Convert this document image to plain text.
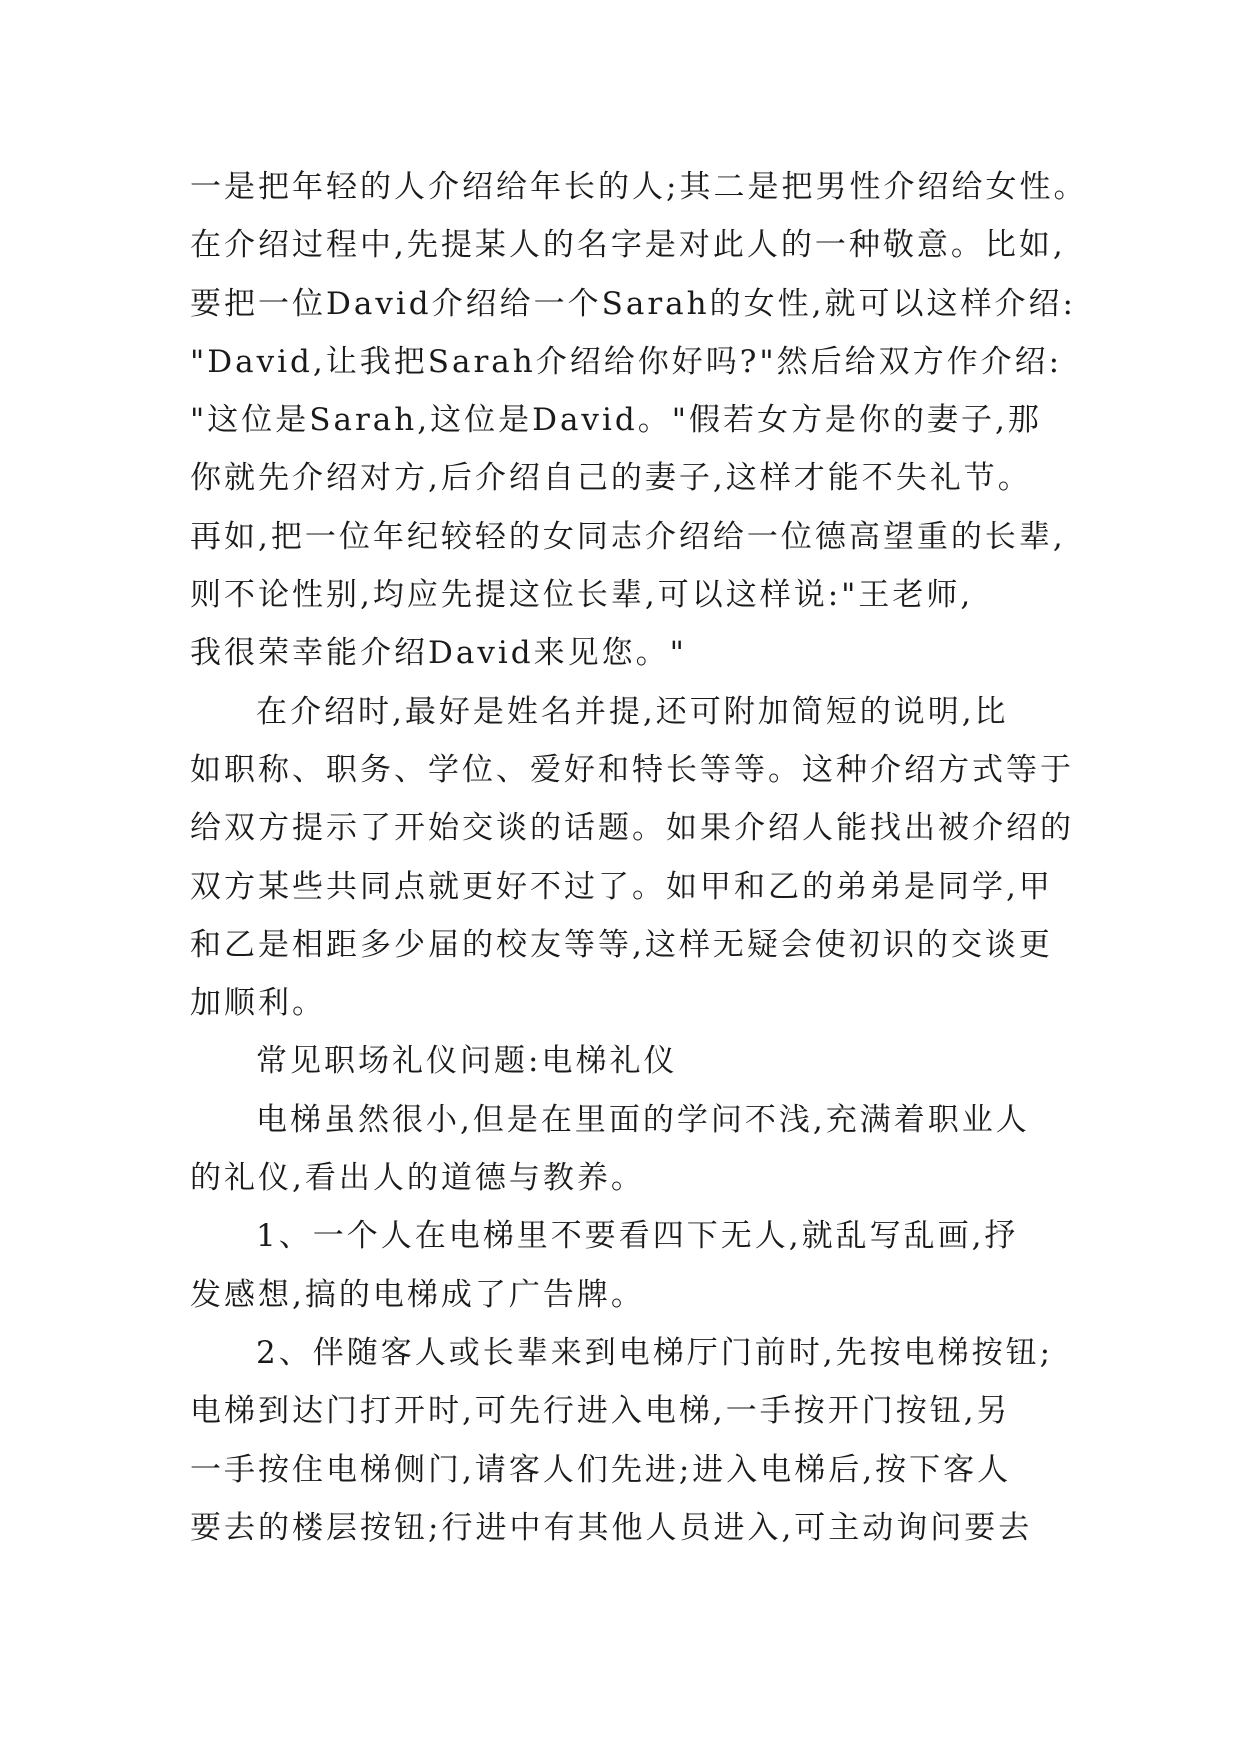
一是把年轻的人介绍给年长的人;其二是把男性介绍给女性。
在介绍过程中,先提某人的名字是对此人的一种敬意。比如,
要把一位David介绍给一个Sarah的女性,就可以这样介绍:
"David,让我把Sarah介绍给你好吗?"然后给双方作介绍:
"这位是Sarah,这位是David。"假若女方是你的妻子,那
你就先介绍对方,后介绍自己的妻子,这样才能不失礼节。
再如,把一位年纪较轻的女同志介绍给一位德高望重的长辈,
则不论性别,均应先提这位长辈,可以这样说:"王老师,
我很荣幸能介绍David来见您。"
在介绍时,最好是姓名并提,还可附加简短的说明,比
如职称、职务、学位、爱好和特长等等。这种介绍方式等于
给双方提示了开始交谈的话题。如果介绍人能找出被介绍的
双方某些共同点就更好不过了。如甲和乙的弟弟是同学,甲
和乙是相距多少届的校友等等,这样无疑会使初识的交谈更
加顺利。
常见职场礼仪问题:电梯礼仪
电梯虽然很小,但是在里面的学问不浅,充满着职业人
的礼仪,看出人的道德与教养。
1、一个人在电梯里不要看四下无人,就乱写乱画,抒
发感想,搞的电梯成了广告牌。
2、伴随客人或长辈来到电梯厅门前时,先按电梯按钮;
电梯到达门打开时,可先行进入电梯,一手按开门按钮,另
一手按住电梯侧门,请客人们先进;进入电梯后,按下客人
要去的楼层按钮;行进中有其他人员进入,可主动询问要去
